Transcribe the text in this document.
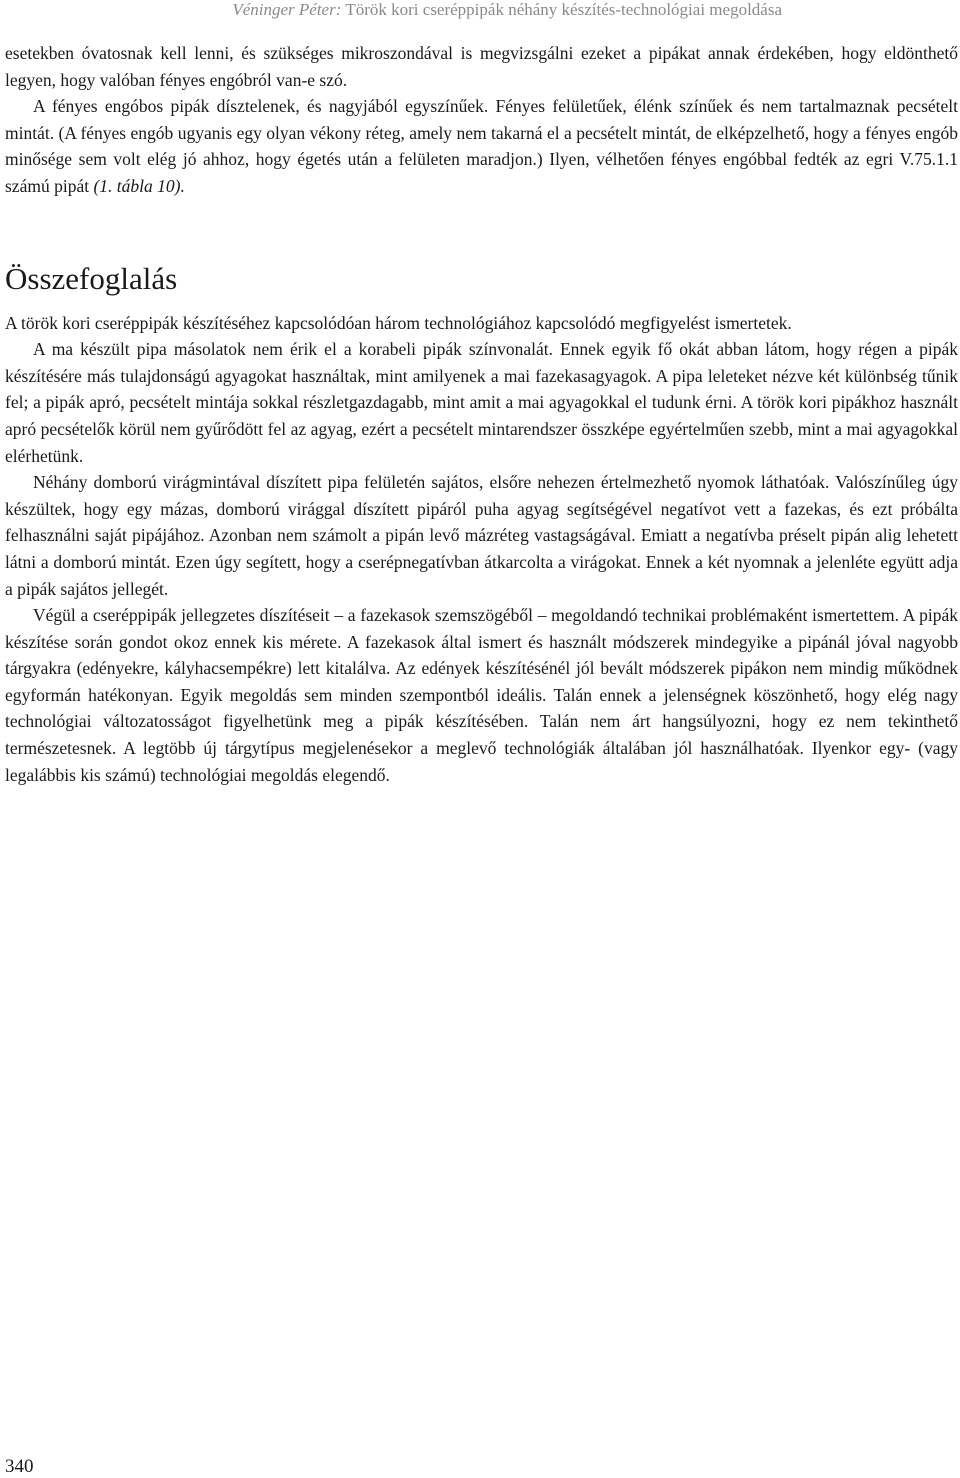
Véninger Péter: Török kori cseréppipák néhány készítés-technológiai megoldása

esetekben óvatosnak kell lenni, és szükséges mikroszondával is megvizsgálni ezeket a pipákat annak érdekében, hogy eldönthető legyen, hogy valóban fényes engóbról van-e szó.

A fényes engóbos pipák dísztelenek, és nagyjából egyszínűek. Fényes felületűek, élénk színűek és nem tartalmaznak pecsételt mintát. (A fényes engób ugyanis egy olyan vékony réteg, amely nem takarná el a pecsételt mintát, de elképzelhető, hogy a fényes engób minősége sem volt elég jó ahhoz, hogy égetés után a felületen maradjon.) Ilyen, vélhetően fényes engóbbal fedték az egri V.75.1.1 számú pipát (1. tábla 10).

Összefoglalás

A török kori cseréppipák készítéséhez kapcsolódóan három technológiához kapcsolódó megfigyelést ismertetek.

A ma készült pipa másolatok nem érik el a korabeli pipák színvonalát. Ennek egyik fő okát abban látom, hogy régen a pipák készítésére más tulajdonságú agyagokat használtak, mint amilyenek a mai fazekasagyagok. A pipa leleteket nézve két különbség tűnik fel; a pipák apró, pecsételt mintája sokkal részletgazdagabb, mint amit a mai agyagokkal el tudunk érni. A török kori pipákhoz használt apró pecsételők körül nem gyűrődött fel az agyag, ezért a pecsételt mintarendszer összképe egyértelműen szebb, mint a mai agyagokkal elérhetünk.

Néhány domború virágmintával díszített pipa felületén sajátos, elsőre nehezen értelmezhető nyomok láthatóak. Valószínűleg úgy készültek, hogy egy mázas, domború virággal díszített pipáról puha agyag segítségével negatívot vett a fazekas, és ezt próbálta felhasználni saját pipájához. Azonban nem számolt a pipán levő mázréteg vastagságával. Emiatt a negatívba préselt pipán alig lehetett látni a domború mintát. Ezen úgy segített, hogy a cserépnegatívban átkarcolta a virágokat. Ennek a két nyomnak a jelenléte együtt adja a pipák sajátos jellegét.

Végül a cseréppipák jellegzetes díszítéseit – a fazekasok szemszögéből – megoldandó technikai problémaként ismertettem. A pipák készítése során gondot okoz ennek kis mérete. A fazekasok által ismert és használt módszerek mindegyike a pipánál jóval nagyobb tárgyakra (edényekre, kályhacsempékre) lett kitalálva. Az edények készítésénél jól bevált módszerek pipákon nem mindig működnek egyformán hatékonyan. Egyik megoldás sem minden szempontból ideális. Talán ennek a jelenségnek köszönhető, hogy elég nagy technológiai változatosságot figyelhetünk meg a pipák készítésében. Talán nem árt hangsúlyozni, hogy ez nem tekinthető természetesnek. A legtöbb új tárgytípus megjelenésekor a meglevő technológiák általában jól használhatóak. Ilyenkor egy- (vagy legalábbis kis számú) technológiai megoldás elegendő.

340
